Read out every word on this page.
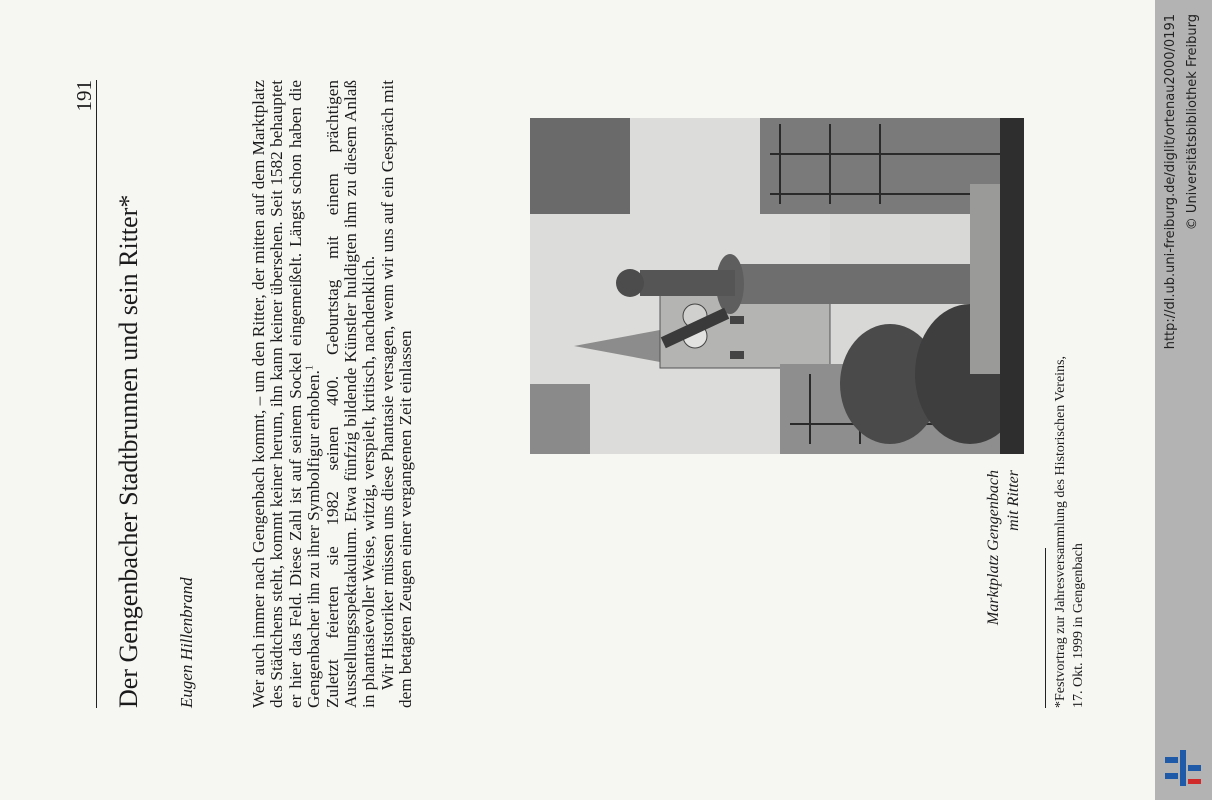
191
Der Gengenbacher Stadtbrunnen und sein Ritter* Eugen Hillenbrand	Wer auch immer nach Gengenbach kommt, – um den Ritter, der mitten auf dem Marktplatz des Städtchens steht, kommt keiner herum, ihn kann keiner übersehen. Seit 1582 behauptet er hier das Feld. Diese Zahl ist auf seinem Sockel eingemeißelt. Längst schon haben die Gengenbacher ihn zu ihrer Symbolfigur erhoben.$^1$ Zuletzt feierten sie 1982 seinen 400. Geburtstag mit einem prächtigen Ausstellungsspektakulum. Etwa fünfzig bildende Künstler huldigten ihm zu diesem Anlaß in phantasievoller Weise, witzig, verspielt, kritisch, nachdenklich. Wir Historiker müssen uns diese Phantasie versagen, wenn wir uns auf ein Gespräch mit dem betagten Zeugen einer vergangenen Zeit einlassen	Marktplatz Gengenbach mit Ritter *Festvortrag zur Jahresversammlung des Historischen Vereins, 17. Okt. 1999 in Gengenbach
http://dl.ub.uni-freiburg.de/diglit/ortenau2000/0191 © Universitätsbibliothek Freiburg
